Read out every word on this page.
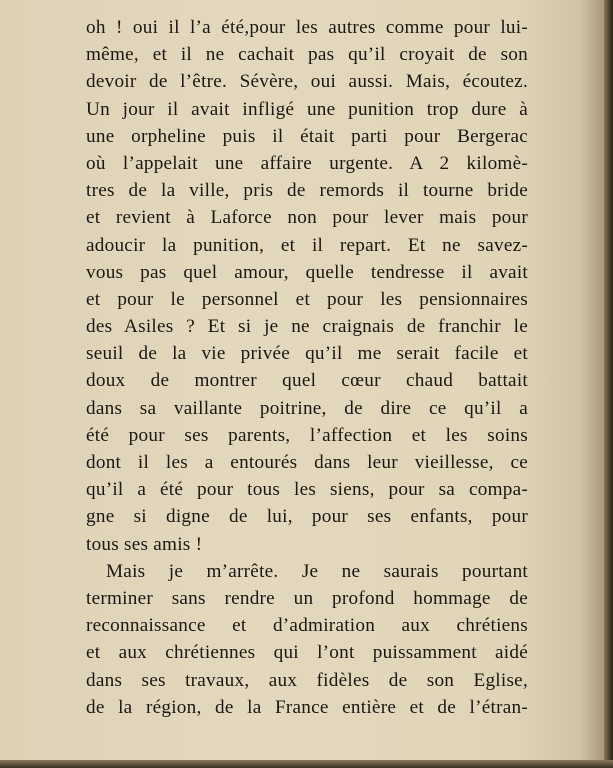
oh ! oui il l’a été,pour les autres comme pour lui-
même, et il ne cachait pas qu’il croyait de son
devoir de l’être. Sévère, oui aussi. Mais, écoutez.
Un jour il avait infligé une punition trop dure à
une orpheline puis il était parti pour Bergerac
où l’appelait une affaire urgente. A 2 kilomè-
tres de la ville, pris de remords il tourne bride
et revient à Laforce non pour lever mais pour
adoucir la punition, et il repart. Et ne savez-
vous pas quel amour, quelle tendresse il avait
et pour le personnel et pour les pensionnaires
des Asiles ? Et si je ne craignais de franchir le
seuil de la vie privée qu’il me serait facile et
doux de montrer quel cœur chaud battait
dans sa vaillante poitrine, de dire ce qu’il a
été pour ses parents, l’affection et les soins
dont il les a entourés dans leur vieillesse, ce
qu’il a été pour tous les siens, pour sa compa-
gne si digne de lui, pour ses enfants, pour
tous ses amis !
Mais je m’arrête. Je ne saurais pourtant
terminer sans rendre un profond hommage de
reconnaissance et d’admiration aux chrétiens
et aux chrétiennes qui l’ont puissamment aidé
dans ses travaux, aux fidèles de son Eglise,
de la région, de la France entière et de l’étran-
